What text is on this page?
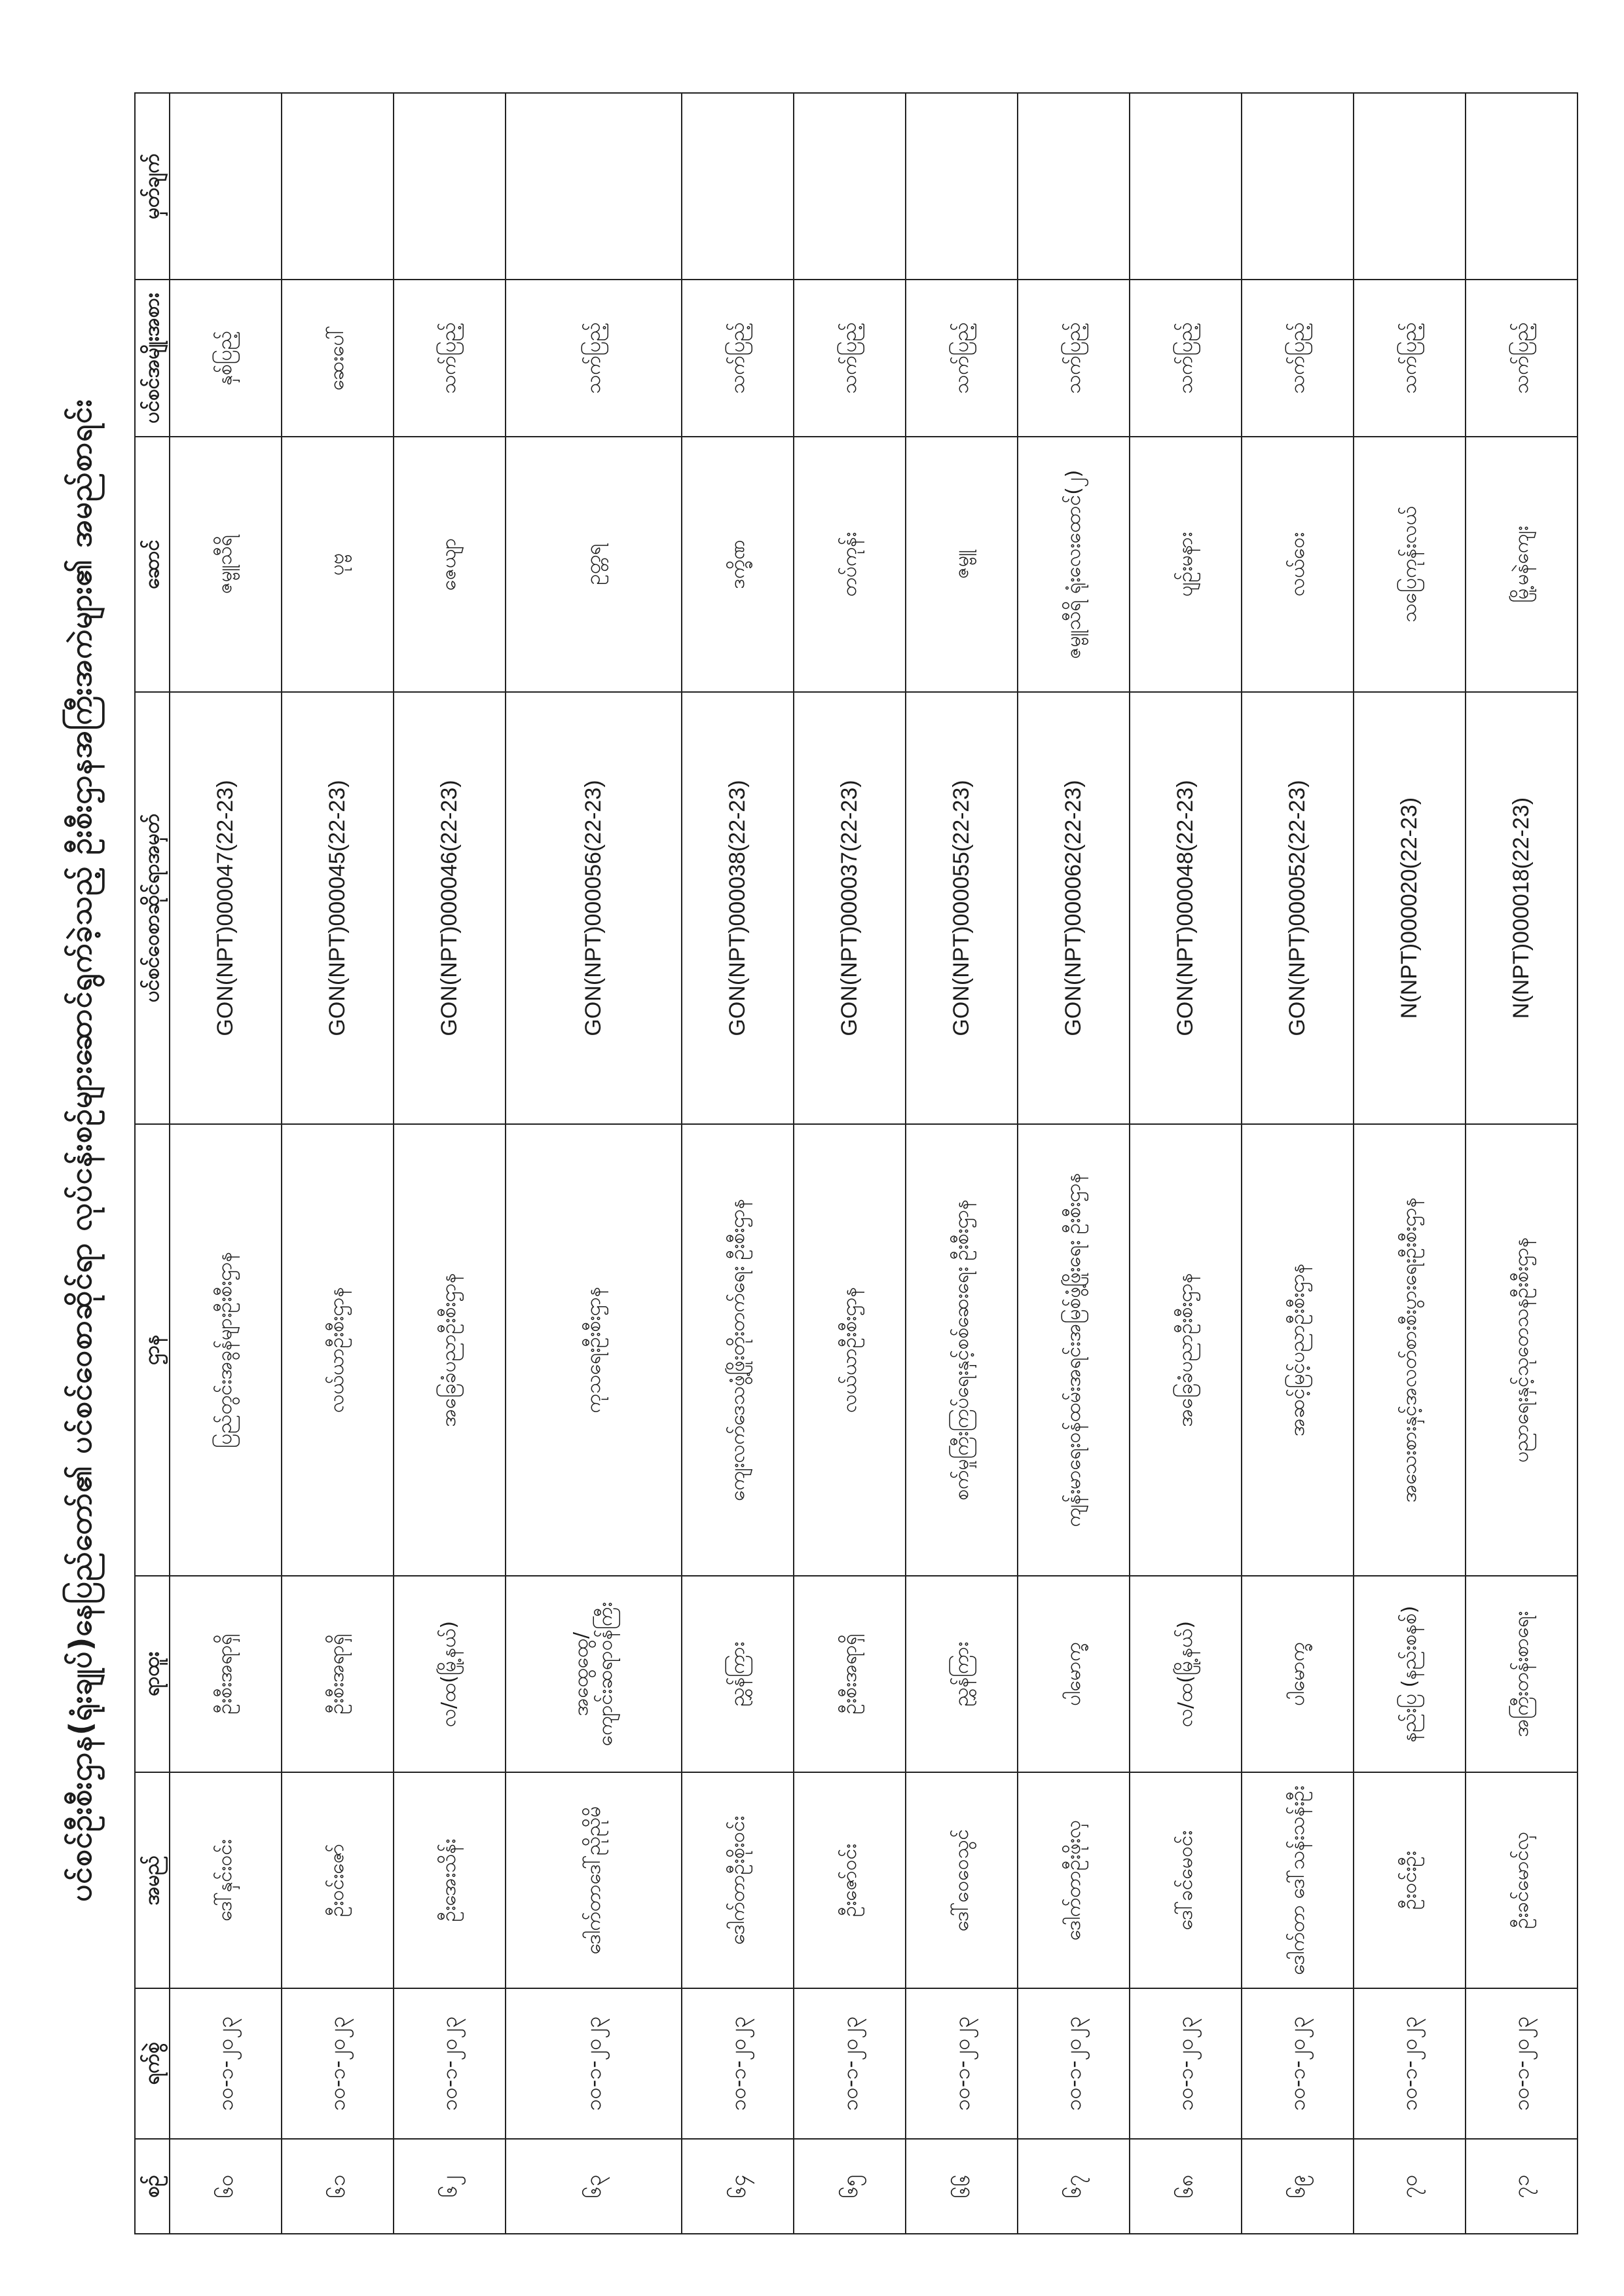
ပင်စင်ဦးစီးဌာန(ရုံးချုပ်)နေပြည်တော်၏ ပင်စင်ဝေစာဆိုင်ရာ လုပ်ငန်းစဉ်များဆောင်ရွက်ခဲ့သည့် ဦးစီးဌာနအကြီးအကဲများ၏ အမည်စာရင်း
စဉ်	ရက်စွဲ	အမည်	ရာထူး	ဌာန	ပင်စင်ဝေစာဆိုင်ရာအမှတ်	ဆောင်	ပင်စင်အမျိုးအစား	မှတ်ချက်
၆၀	၁၀-၁-၂၀၂၃	ဒေါ်နှင်းဝင်း	ဦးစီးအရာရှိ	ပြည်တွင်းအခွန်များဦးစီးဌာန	GON(NPT)000047(22-23)	ဇမ္ဗူသီရိ	နှစ်ပြည့်	
၆၁	၁၀-၁-၂၀၂၃	ဦးဝင်းဇော်	ဦးစီးအရာရှိ	လယ်ယာဦးစီးဌာန	GON(NPT)000045(22-23)	ပုဗ္ဗ	ဆေးပေါ်	
၆၂	၁၀-၁-၂၀၂၃	ဦးအေးသိန်း	လ/ထ(မြို့နယ်)	အခြေခံပညာဦးစီးဌာန	GON(NPT)000046(22-23)	ဇေယျာ	သက်ပြည့်	
၆၃	၁၀-၁-၂၀၂၃	ဒေါက်တာဒေါ်ညိုညိုမိ	အထွေထွေ/ ကျောင်းဆရာဝန်ကြီး	ကုသရေးဦးစီးဌာန	GON(NPT)000056(22-23)	ဥတ္တရ	သက်ပြည့်	
၆၄	၁၀-၁-၂၀၂၃	ဒေါက်တာဦးစိုးဝင်း	ညွှန်ကြား	ကျေးလက်ဒေသဖွံ့ဖြိုးတိုးတက်ရေး ဦးစီးဌာန	GON(NPT)000038(22-23)	ဒက္ခိဏ	သက်ပြည့်	
၆၅	၁၀-၁-၂၀၂၃	ဦးဇော်ဝင်း	ဦးစီးအရာရှိ	လယ်ယာဦးစီးဌာန	GON(NPT)000037(22-23)	တပ်ကုန်း	သက်ပြည့်	
၆၆	၁၀-၁-၂၀၂၃	ဒေါ်ဝေဝေသွင်	ညွှန်ကြား	စက်မှုကြီးကြပ်ရေးနှင့်စစ်ဆေးရေး ဦးစီးဌာန	GON(NPT)000055(22-23)	ဇမ္ဗူ	သက်ပြည့်	
၆၇	၁၀-၁-၂၀၂၃	ဒေါက်တာဦးဖိုးလှ	ပါမောက္ခ	ကျန်းမာရေးဝန်ထမ်းအရင်းအမြစ်ဖွံ့ဖြိုးရေး ဦးစီးဌာန	GON(NPT)000062(22-23)	ဇမ္ဗူသီရိ ရုံးလေးထောင်(၂)	သက်ပြည့်	
၆၈	၁၀-၁-၂၀၂၃	ဒေါ်ခင်မေဝင်း	လ/ထ(မြို့နယ်)	အခြေခံပညာဦးစီးဌာန	GON(NPT)000048(22-23)	ပျဉ်းမနား	သက်ပြည့်	
၆၉	၁၀-၁-၂၀၂၃	ဒေါက်တာ ဒေါ်သန်းသန်းဦး	ပါမောက္ခ	အဆင့်မြင့်ပညာဦးစီးဌာန	GON(NPT)000052(22-23)	လယ်ဝေး	သက်ပြည့်	
၇၀	၁၀-၁-၂၀၂၃	ဦးဝင်းဦး	နည်းပြ (နည်းစနစ်)	အသေးစားနှင့်အလတ်စားစီးပွားရေးဦးစီးဌာန	N(NPT)000020(22-23)	သပြေကုန်းလယ်	သက်ပြည့်	
၇၁	၁၀-၁-၂၀၂၃	ဦးခင်မောင်လှ	အကြီးတန်းစာရေး	ပညာရေးနှင့်သုတေသနဦးစီးဌာန	N(NPT)000018(22-23)	မြို့မနဲကျေး	သက်ပြည့်	
